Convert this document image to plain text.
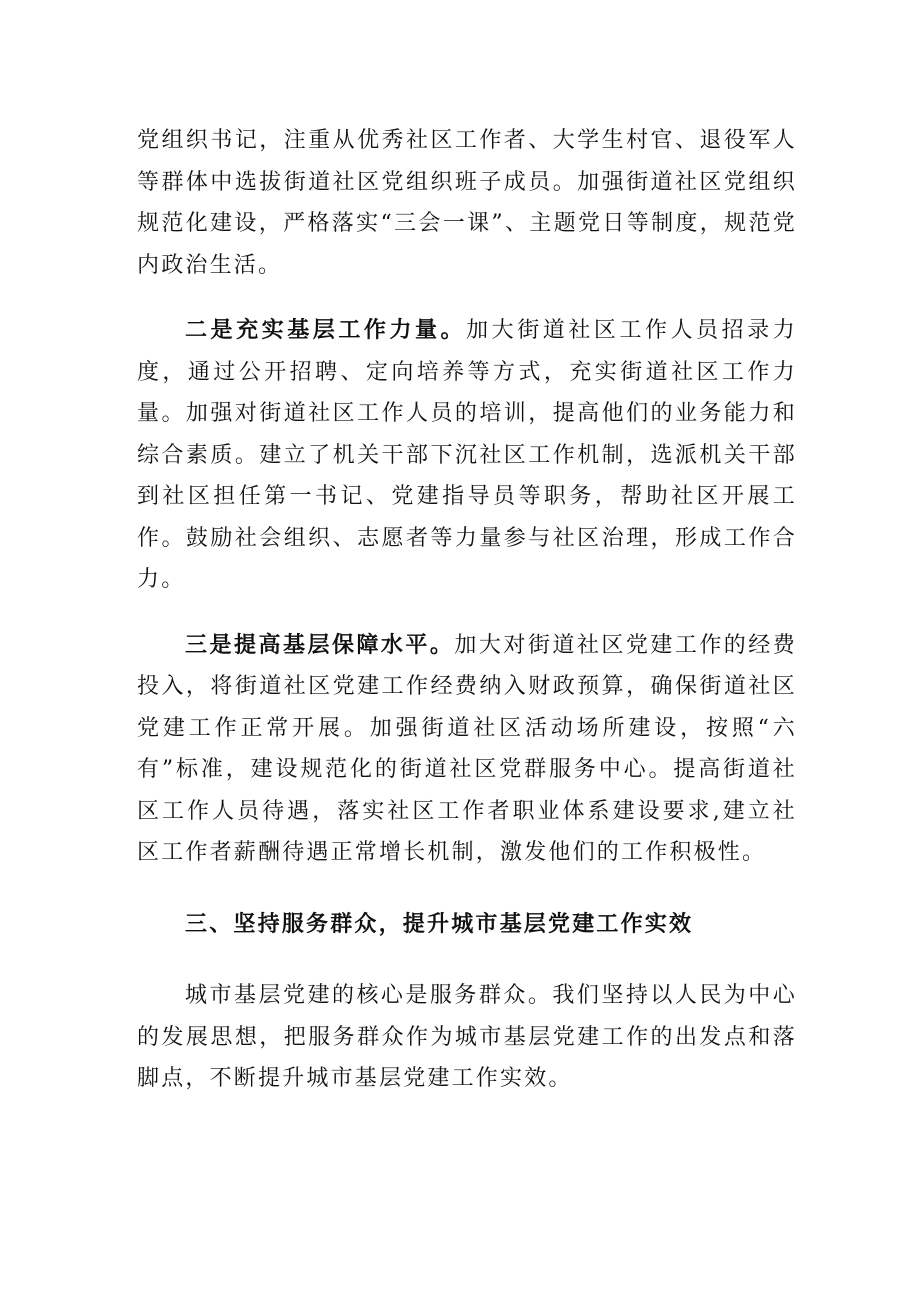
党组织书记，注重从优秀社区工作者、大学生村官、退役军人等群体中选拔街道社区党组织班子成员。加强街道社区党组织规范化建设，严格落实“三会一课”、主题党日等制度，规范党内政治生活。

二是充实基层工作力量。加大街道社区工作人员招录力度，通过公开招聘、定向培养等方式，充实街道社区工作力量。加强对街道社区工作人员的培训，提高他们的业务能力和综合素质。建立了机关干部下沉社区工作机制，选派机关干部到社区担任第一书记、党建指导员等职务，帮助社区开展工作。鼓励社会组织、志愿者等力量参与社区治理，形成工作合力。

三是提高基层保障水平。加大对街道社区党建工作的经费投入，将街道社区党建工作经费纳入财政预算，确保街道社区党建工作正常开展。加强街道社区活动场所建设，按照“六有”标准，建设规范化的街道社区党群服务中心。提高街道社区工作人员待遇，落实社区工作者职业体系建设要求,建立社区工作者薪酬待遇正常增长机制，激发他们的工作积极性。

三、坚持服务群众，提升城市基层党建工作实效

城市基层党建的核心是服务群众。我们坚持以人民为中心的发展思想，把服务群众作为城市基层党建工作的出发点和落脚点，不断提升城市基层党建工作实效。
